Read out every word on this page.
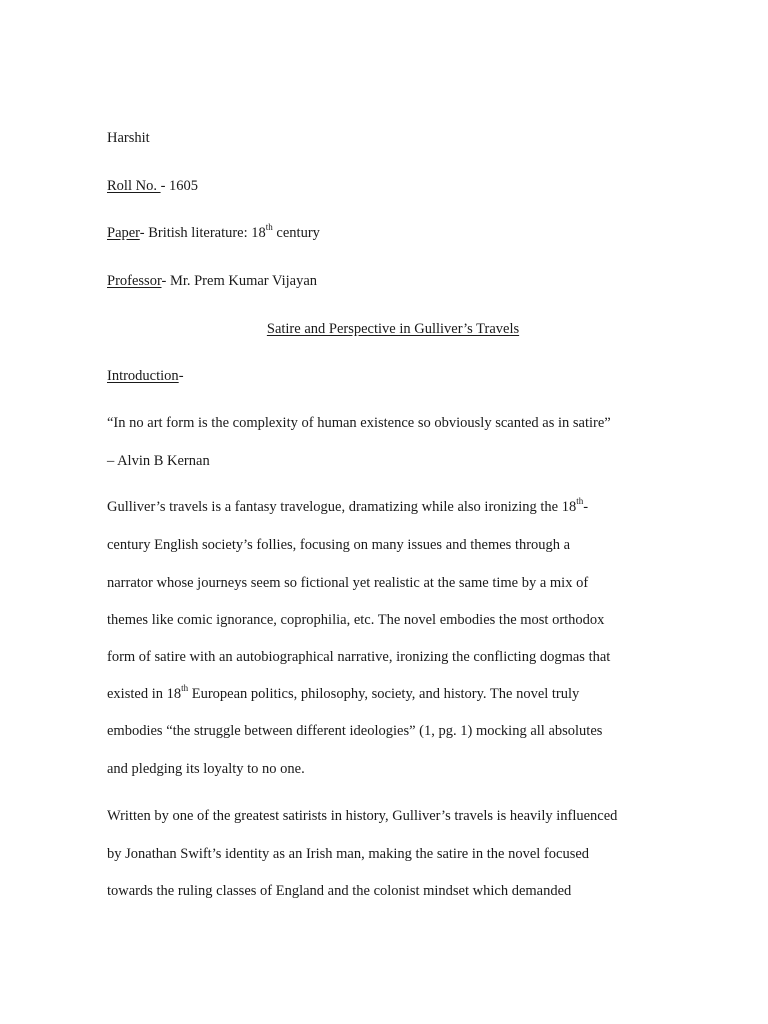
Harshit
Roll No. - 1605
Paper- British literature: 18th century
Professor- Mr. Prem Kumar Vijayan
Satire and Perspective in Gulliver’s Travels
Introduction-
“In no art form is the complexity of human existence so obviously scanted as in satire”
– Alvin B Kernan
Gulliver’s travels is a fantasy travelogue, dramatizing while also ironizing the 18th-
century English society’s follies, focusing on many issues and themes through a
narrator whose journeys seem so fictional yet realistic at the same time by a mix of
themes like comic ignorance, coprophilia, etc. The novel embodies the most orthodox
form of satire with an autobiographical narrative, ironizing the conflicting dogmas that
existed in 18th European politics, philosophy, society, and history. The novel truly
embodies “the struggle between different ideologies” (1, pg. 1) mocking all absolutes
and pledging its loyalty to no one.
Written by one of the greatest satirists in history, Gulliver’s travels is heavily influenced
by Jonathan Swift’s identity as an Irish man, making the satire in the novel focused
towards the ruling classes of England and the colonist mindset which demanded
